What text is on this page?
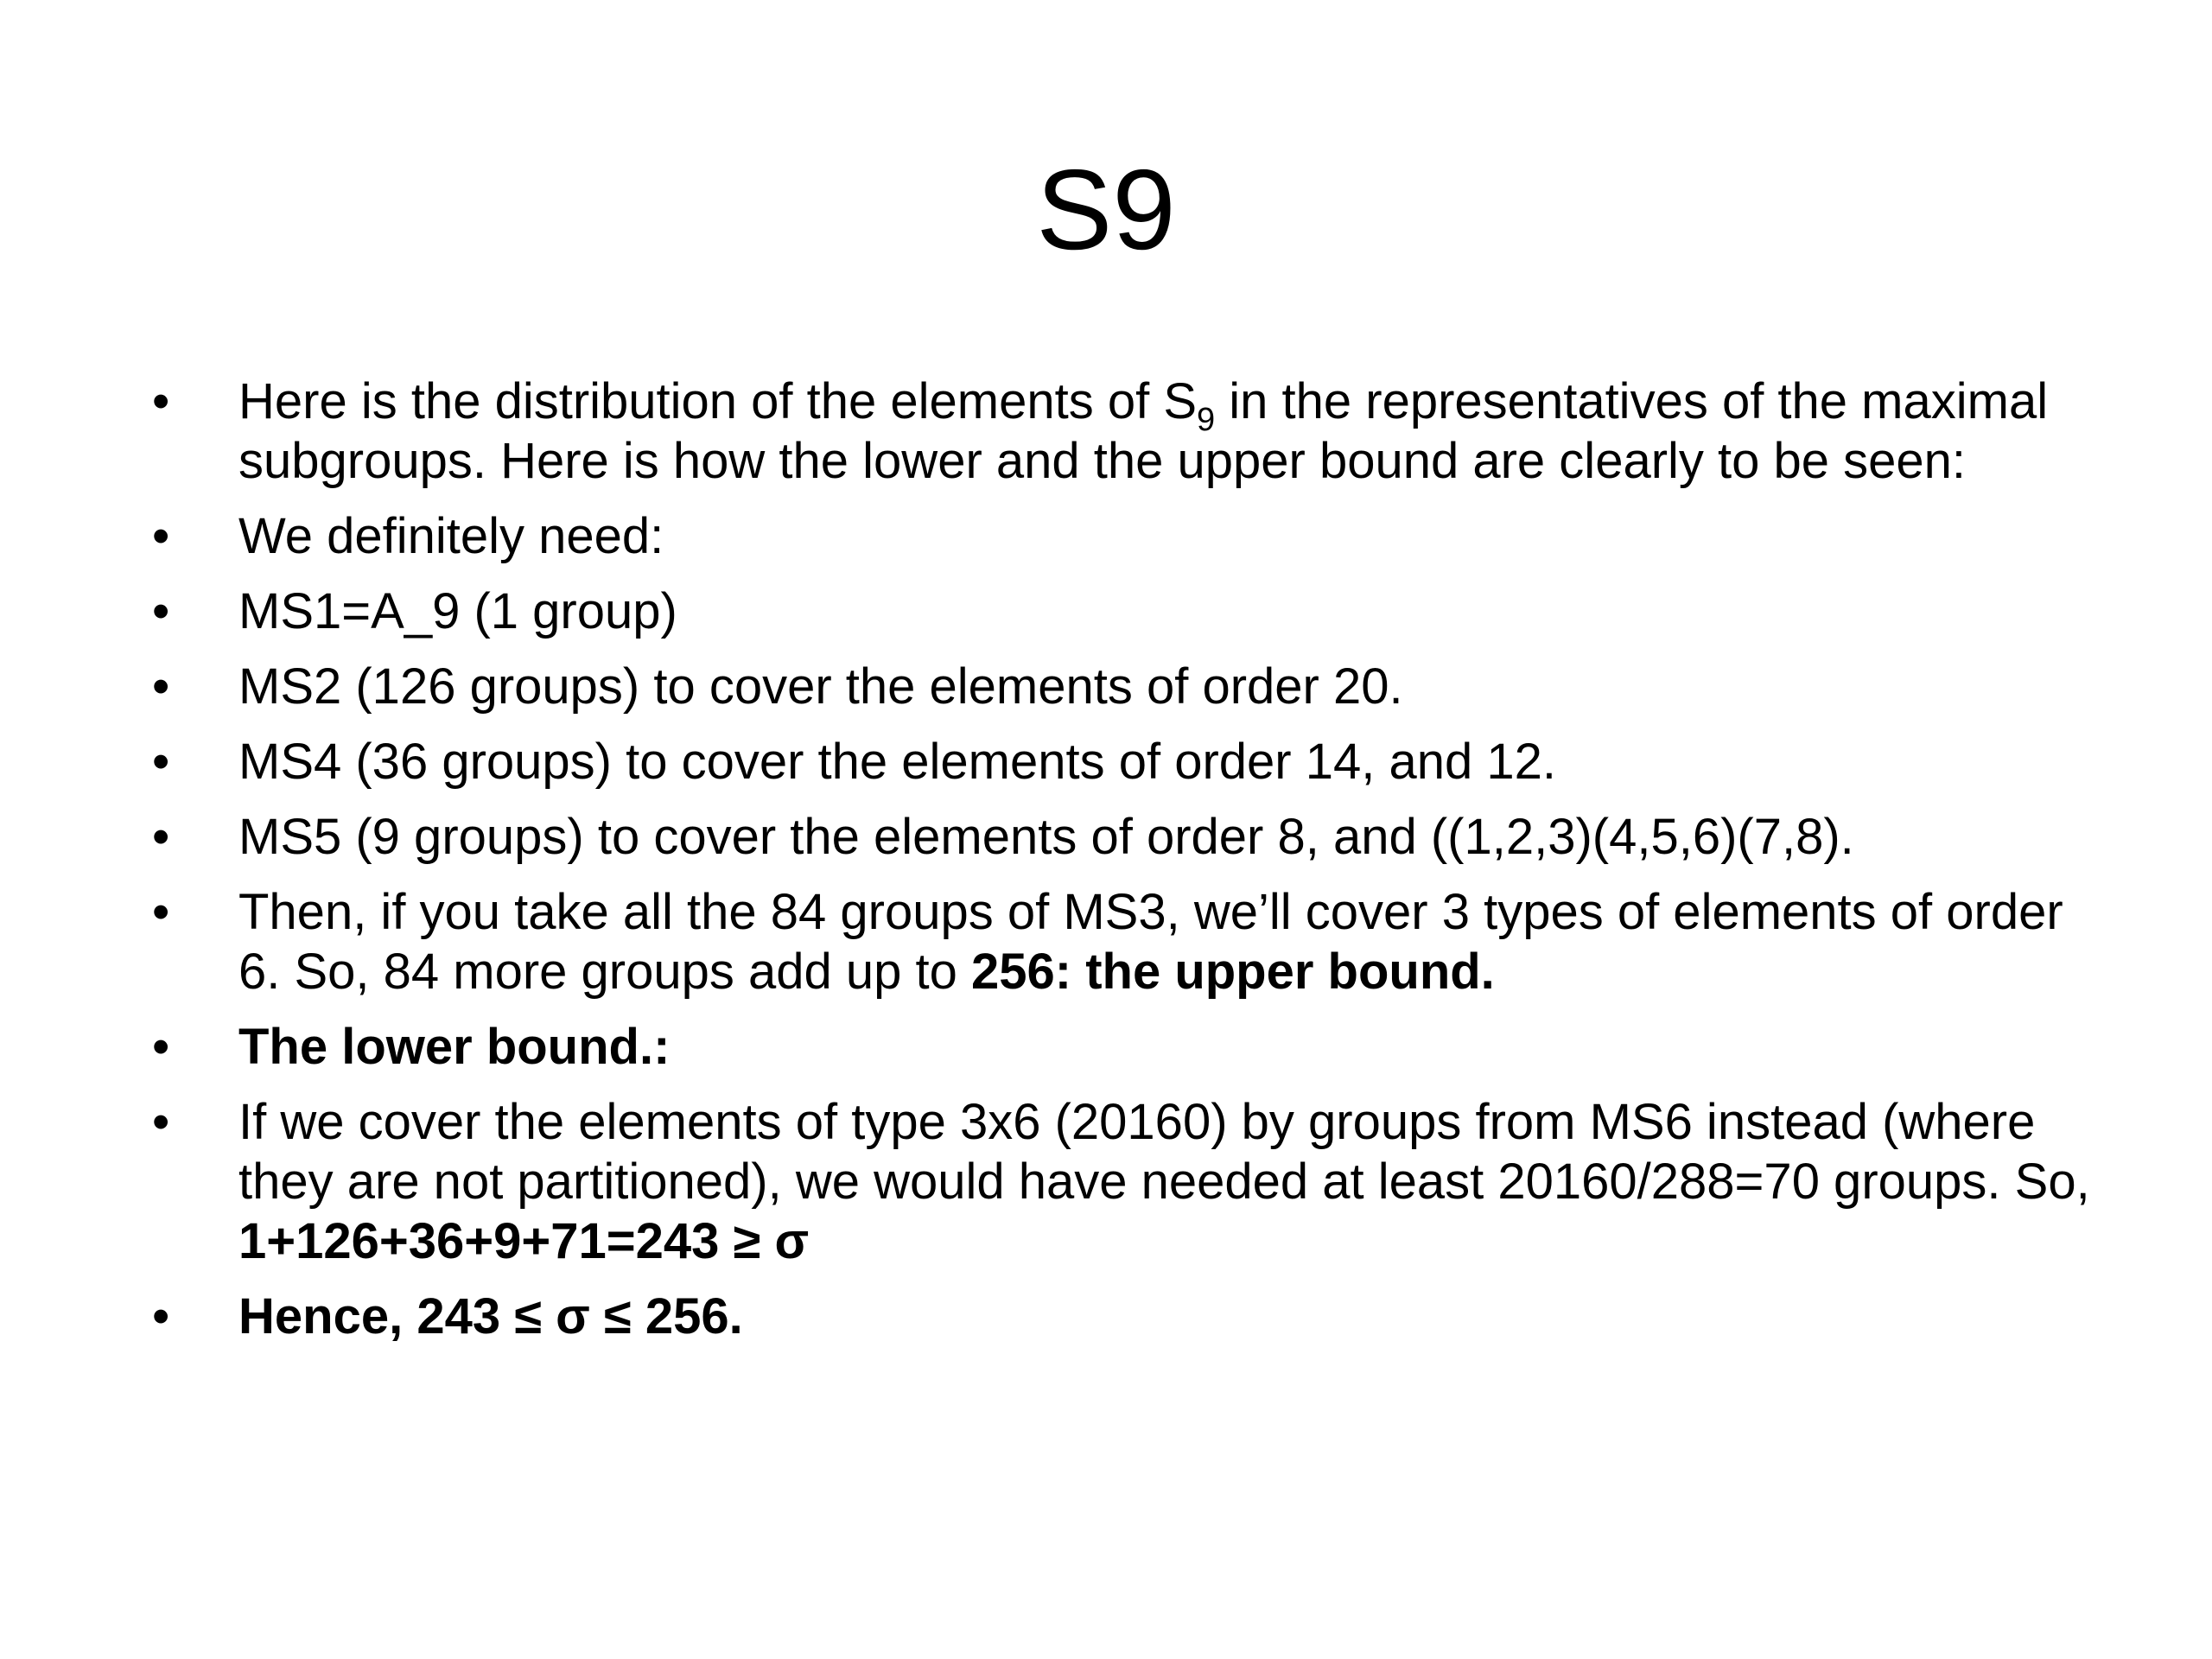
S9
•	Here is the distribution of the elements of $S_9$ in the representatives of the maximal subgroups. Here is how the lower and the upper bound are clearly to be seen:
•	We definitely need:
•	MS1=A_9 (1 group)
•	MS2 (126 groups) to cover the elements of order 20.
•	MS4 (36 groups) to cover the elements of order 14, and 12.
•	MS5 (9 groups) to cover the elements of order 8, and ((1,2,3)(4,5,6)(7,8).
•	Then, if you take all the 84 groups of MS3, we’ll cover 3 types of elements of order 6. So, 84 more groups add up to 256: the upper bound.
•	The lower bound.:
•	If we cover the elements of type 3x6 (20160) by groups from MS6 instead (where they are not partitioned), we would have needed at least 20160/288=70 groups. So, 1+126+36+9+71=243 ≥ σ
•	Hence, 243 ≤ σ ≤ 256.
